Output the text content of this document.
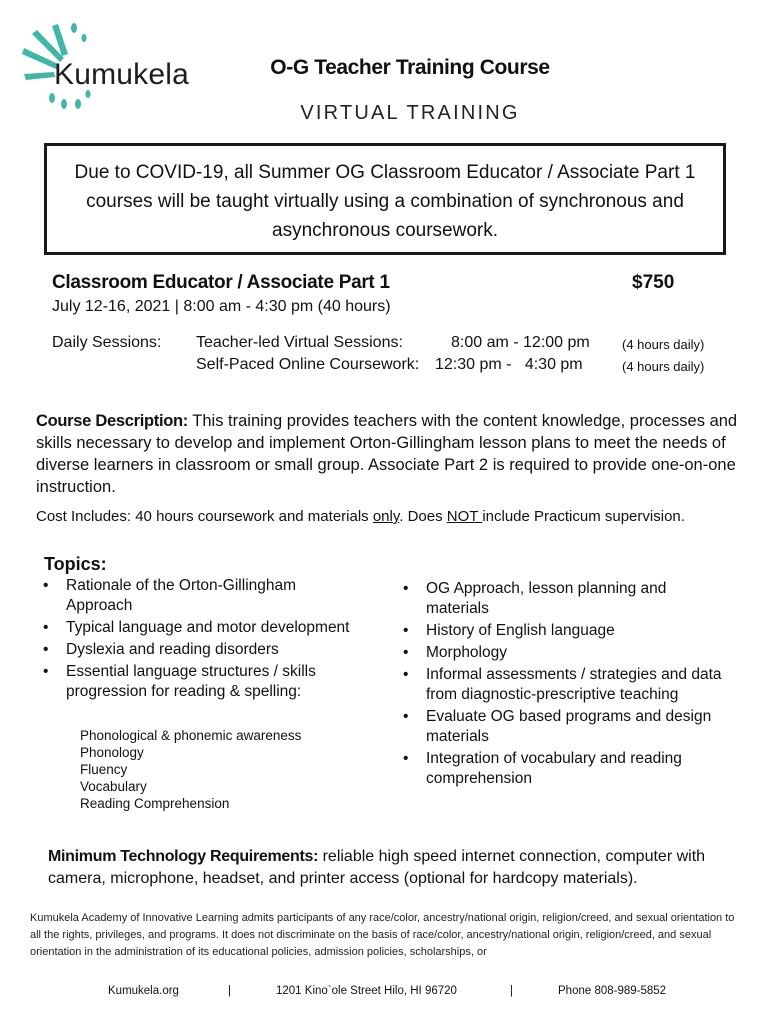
Kumukela	O-G Teacher Training Course
VIRTUAL TRAINING
Due to COVID-19, all Summer OG Classroom Educator / Associate Part 1 courses will be taught virtually using a combination of synchronous and asynchronous coursework.
Classroom Educator / Associate Part 1	$750
July 12-16, 2021 | 8:00 am - 4:30 pm (40 hours)
Daily Sessions: Teacher-led Virtual Sessions:	8:00 am - 12:00 pm (4 hours daily)
Self-Paced Online Coursework: 12:30 pm -   4:30 pm	(4 hours daily)
Course Description: This training provides teachers with the content knowledge, processes and skills necessary to develop and implement Orton-Gillingham lesson plans to meet the needs of diverse learners in classroom or small group. Associate Part 2 is required to provide one-on-one instruction.
Cost Includes: 40 hours coursework and materials only. Does NOT include Practicum supervision.
Topics:
• Rationale of the Orton-Gillingham Approach
• Typical language and motor development
• Dyslexia and reading disorders
• Essential language structures / skills progression for reading & spelling:
Phonological & phonemic awareness
Phonology
Fluency
Vocabulary
Reading Comprehension
• OG Approach, lesson planning and materials
• History of English language
• Morphology
• Informal assessments / strategies and data from diagnostic-prescriptive teaching
• Evaluate OG based programs and design materials
• Integration of vocabulary and reading comprehension
Minimum Technology Requirements: reliable high speed internet connection, computer with camera, microphone, headset, and printer access (optional for hardcopy materials).
Kumukela Academy of Innovative Learning admits participants of any race/color, ancestry/national origin, religion/creed, and sexual orientation to all the rights, privileges, and programs. It does not discriminate on the basis of race/color, ancestry/national origin, religion/creed, and sexual orientation in the administration of its educational policies, admission policies, scholarships, or
Kumukela.org	|	1201 Kino`ole Street Hilo, HI 96720	|	Phone 808-989-5852
